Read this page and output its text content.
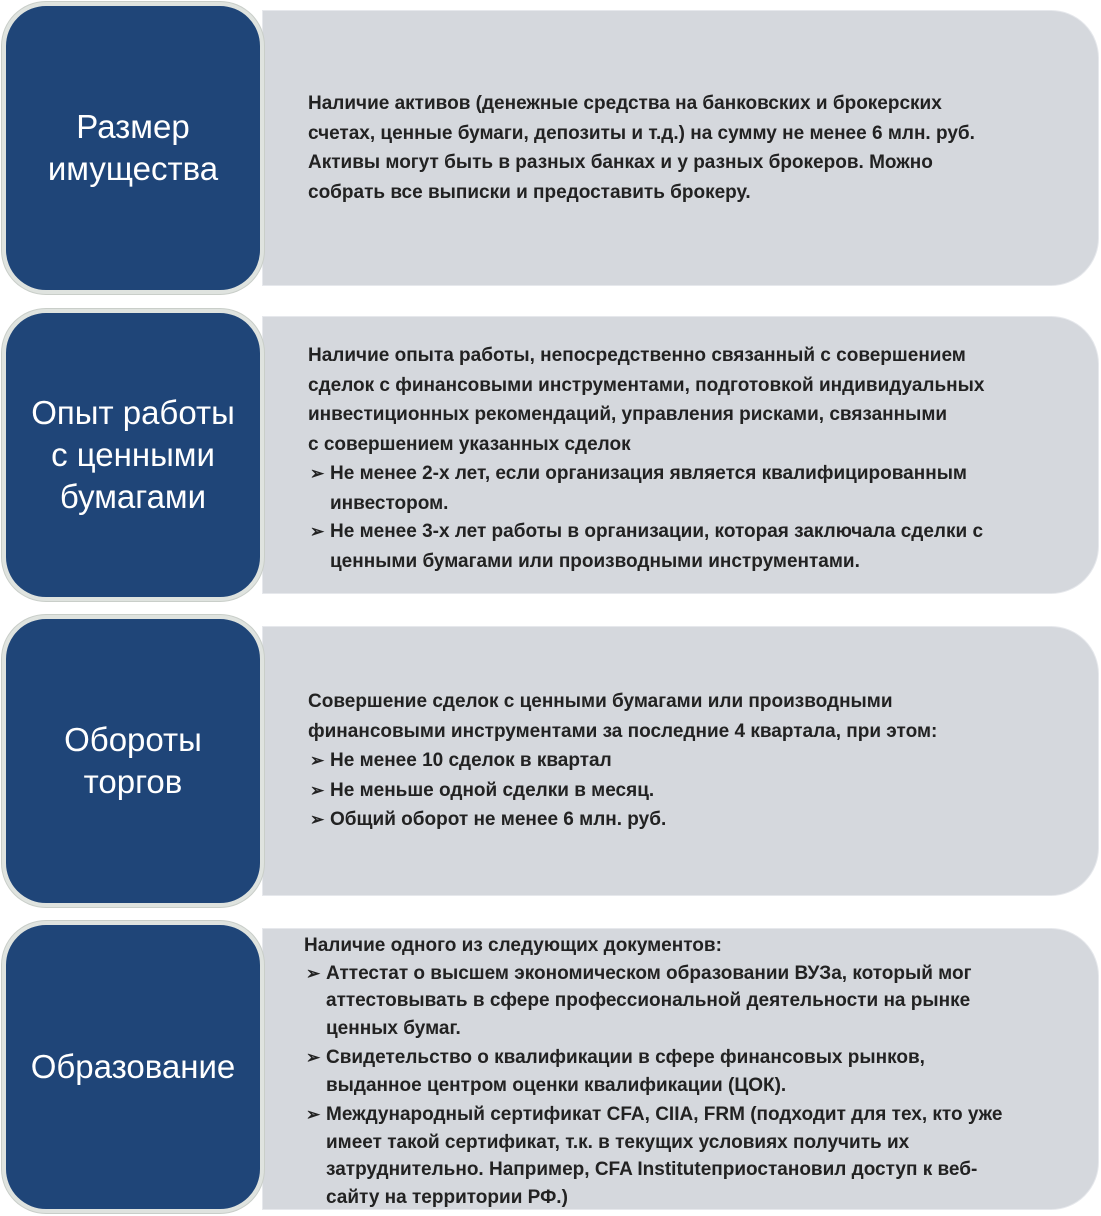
Размер
имущества

Наличие активов (денежные средства на банковских и брокерских
счетах, ценные бумаги, депозиты и т.д.) на сумму не менее 6 млн. руб.
Активы могут быть в разных банках и у разных брокеров. Можно
собрать все выписки и предоставить брокеру.

Опыт работы
с ценными
бумагами

Наличие опыта работы, непосредственно связанный с совершением
сделок с финансовыми инструментами, подготовкой индивидуальных
инвестиционных рекомендаций, управления рисками, связанными
с совершением указанных сделок

➢ Не менее 2-х лет, если организация является квалифицированным
инвестором.
➢ Не менее 3-х лет работы в организации, которая заключала сделки с
ценными бумагами или производными инструментами.
Обороты
торгов

Совершение сделок с ценными бумагами или производными
финансовыми инструментами за последние 4 квартала, при этом:

➢ Не менее 10 сделок в квартал
➢ Не меньше одной сделки в месяц.
➢ Общий оборот не менее 6 млн. руб.
Образование

Наличие одного из следующих документов:

➢ Аттестат о высшем экономическом образовании ВУЗа, который мог
аттестовывать в сфере профессиональной деятельности на рынке
ценных бумаг.
➢ Свидетельство о квалификации в сфере финансовых рынков,
выданное центром оценки квалификации (ЦОК).
➢ Международный сертификат CFA, CIIA, FRM (подходит для тех, кто уже
имеет такой сертификат, т.к. в текущих условиях получить их
затруднительно. Например, CFA Instituteприостановил доступ к веб-
сайту на территории РФ.)
